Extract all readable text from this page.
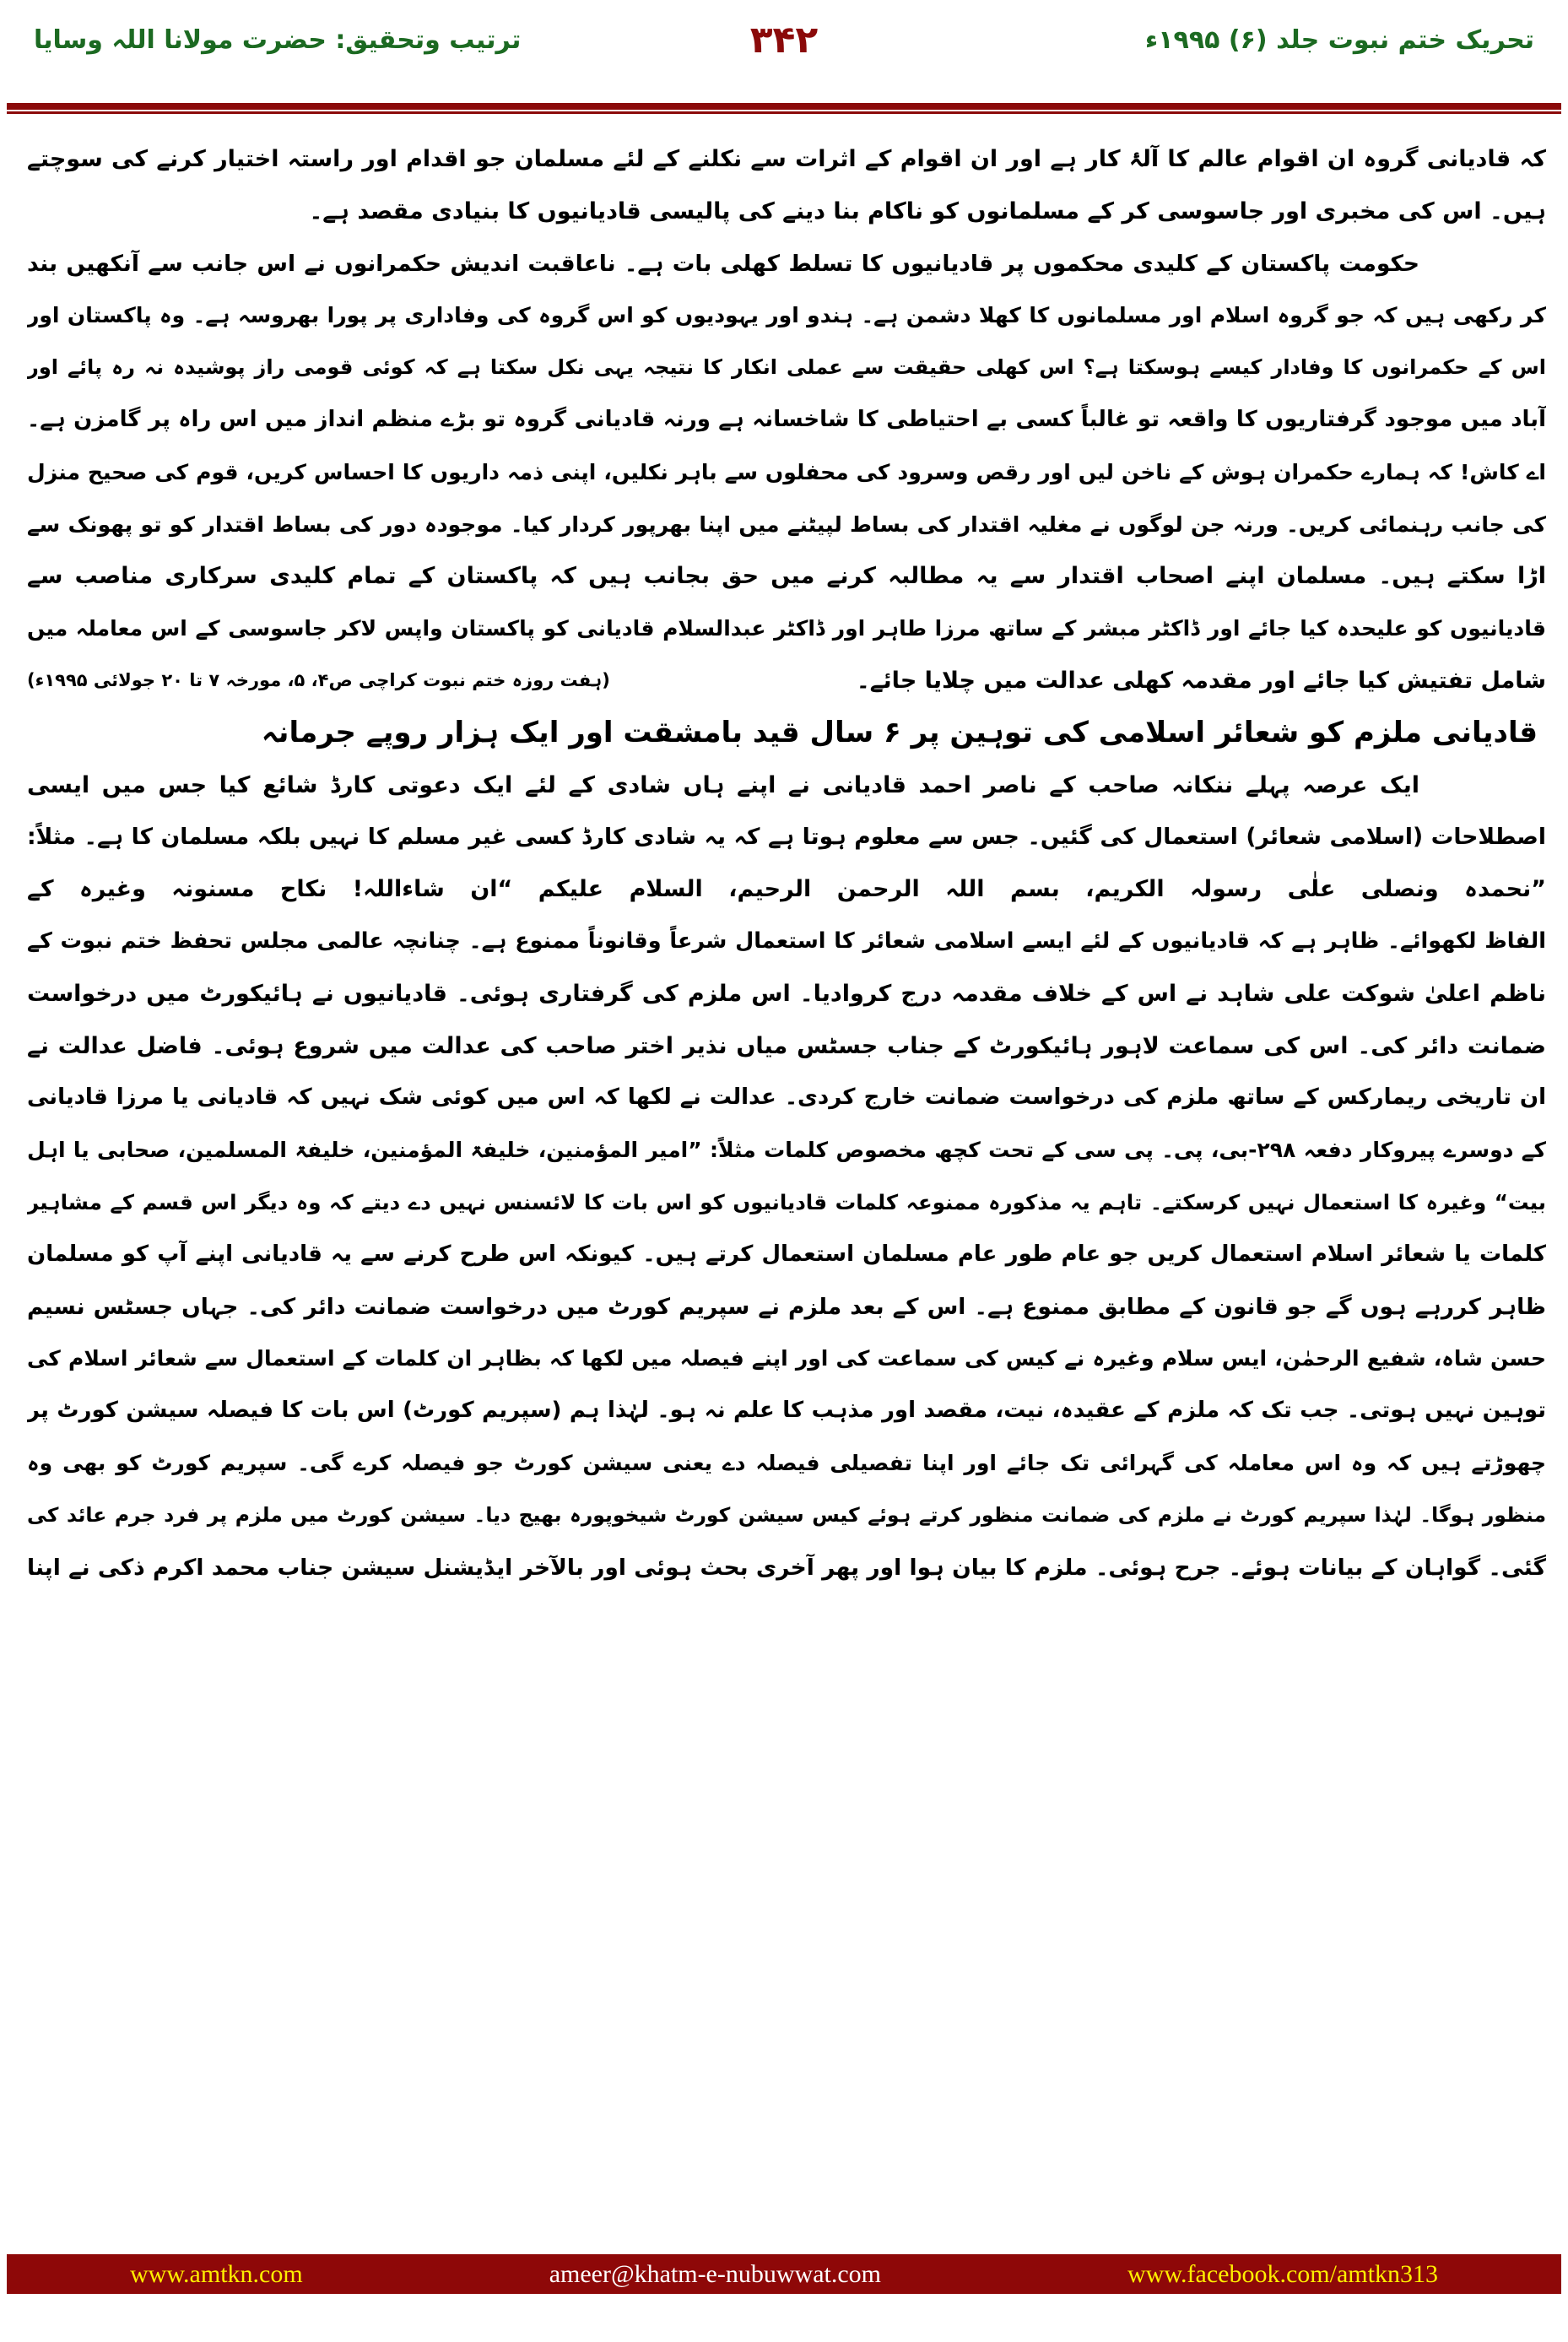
تحریک ختم نبوت جلد (۶) ۱۹۹۵ء
۳۴۲
ترتیب وتحقیق: حضرت مولانا اللہ وسایا
کہ قادیانی گروہ ان اقوام عالم کا آلۂ کار ہے اور ان اقوام کے اثرات سے نکلنے کے لئے مسلمان جو اقدام اور راستہ اختیار کرنے کی سوچتے
ہیں۔ اس کی مخبری اور جاسوسی کر کے مسلمانوں کو ناکام بنا دینے کی پالیسی قادیانیوں کا بنیادی مقصد ہے۔
حکومت پاکستان کے کلیدی محکموں پر قادیانیوں کا تسلط کھلی بات ہے۔ ناعاقبت اندیش حکمرانوں نے اس جانب سے آنکھیں بند
کر رکھی ہیں کہ جو گروہ اسلام اور مسلمانوں کا کھلا دشمن ہے۔ ہندو اور یہودیوں کو اس گروہ کی وفاداری پر پورا بھروسہ ہے۔ وہ پاکستان اور
اس کے حکمرانوں کا وفادار کیسے ہوسکتا ہے؟ اس کھلی حقیقت سے عملی انکار کا نتیجہ یہی نکل سکتا ہے کہ کوئی قومی راز پوشیدہ نہ رہ پائے اور
آباد میں موجود گرفتاریوں کا واقعہ تو غالباً کسی بے احتیاطی کا شاخسانہ ہے ورنہ قادیانی گروہ تو بڑے منظم انداز میں اس راہ پر گامزن ہے۔
اے کاش! کہ ہمارے حکمران ہوش کے ناخن لیں اور رقص وسرود کی محفلوں سے باہر نکلیں، اپنی ذمہ داریوں کا احساس کریں، قوم کی صحیح منزل
کی جانب رہنمائی کریں۔ ورنہ جن لوگوں نے مغلیہ اقتدار کی بساط لپیٹنے میں اپنا بھرپور کردار کیا۔ موجودہ دور کی بساط اقتدار کو تو پھونک سے
اڑا سکتے ہیں۔ مسلمان اپنے اصحاب اقتدار سے یہ مطالبہ کرنے میں حق بجانب ہیں کہ پاکستان کے تمام کلیدی سرکاری مناصب سے
قادیانیوں کو علیحدہ کیا جائے اور ڈاکٹر مبشر کے ساتھ مرزا طاہر اور ڈاکٹر عبدالسلام قادیانی کو پاکستان واپس لاکر جاسوسی کے اس معاملہ میں
شامل تفتیش کیا جائے اور مقدمہ کھلی عدالت میں چلایا جائے۔
(ہفت روزہ ختم نبوت کراچی ص۴، ۵، مورخہ ۷ تا ۲۰ جولائی ۱۹۹۵ء)
قادیانی ملزم کو شعائر اسلامی کی توہین پر ۶ سال قید بامشقت اور ایک ہزار روپے جرمانہ
ایک عرصہ پہلے ننکانہ صاحب کے ناصر احمد قادیانی نے اپنے ہاں شادی کے لئے ایک دعوتی کارڈ شائع کیا جس میں ایسی
اصطلاحات (اسلامی شعائر) استعمال کی گئیں۔ جس سے معلوم ہوتا ہے کہ یہ شادی کارڈ کسی غیر مسلم کا نہیں بلکہ مسلمان کا ہے۔ مثلاً:
”نحمدہ ونصلی علٰی رسولہ الکریم، بسم اللہ الرحمن الرحیم، السلام علیکم “ان شاءاللہ! نکاح مسنونہ وغیرہ کے
الفاظ لکھوائے۔ ظاہر ہے کہ قادیانیوں کے لئے ایسے اسلامی شعائر کا استعمال شرعاً وقانوناً ممنوع ہے۔ چنانچہ عالمی مجلس تحفظ ختم نبوت کے
ناظم اعلیٰ شوکت علی شاہد نے اس کے خلاف مقدمہ درج کروادیا۔ اس ملزم کی گرفتاری ہوئی۔ قادیانیوں نے ہائیکورٹ میں درخواست
ضمانت دائر کی۔ اس کی سماعت لاہور ہائیکورٹ کے جناب جسٹس میاں نذیر اختر صاحب کی عدالت میں شروع ہوئی۔ فاضل عدالت نے
ان تاریخی ریمارکس کے ساتھ ملزم کی درخواست ضمانت خارج کردی۔ عدالت نے لکھا کہ اس میں کوئی شک نہیں کہ قادیانی یا مرزا قادیانی
کے دوسرے پیروکار دفعہ ۲۹۸-بی، پی۔ پی سی کے تحت کچھ مخصوص کلمات مثلاً: ”امیر المؤمنین، خلیفۃ المؤمنین، خلیفۃ المسلمین، صحابی یا اہل
بیت“ وغیرہ کا استعمال نہیں کرسکتے۔ تاہم یہ مذکورہ ممنوعہ کلمات قادیانیوں کو اس بات کا لائسنس نہیں دے دیتے کہ وہ دیگر اس قسم کے مشاہیر
کلمات یا شعائر اسلام استعمال کریں جو عام طور عام مسلمان استعمال کرتے ہیں۔ کیونکہ اس طرح کرنے سے یہ قادیانی اپنے آپ کو مسلمان
ظاہر کررہے ہوں گے جو قانون کے مطابق ممنوع ہے۔ اس کے بعد ملزم نے سپریم کورٹ میں درخواست ضمانت دائر کی۔ جہاں جسٹس نسیم
حسن شاہ، شفیع الرحمٰن، ایس سلام وغیرہ نے کیس کی سماعت کی اور اپنے فیصلہ میں لکھا کہ بظاہر ان کلمات کے استعمال سے شعائر اسلام کی
توہین نہیں ہوتی۔ جب تک کہ ملزم کے عقیدہ، نیت، مقصد اور مذہب کا علم نہ ہو۔ لہٰذا ہم (سپریم کورٹ) اس بات کا فیصلہ سیشن کورٹ پر
چھوڑتے ہیں کہ وہ اس معاملہ کی گہرائی تک جائے اور اپنا تفصیلی فیصلہ دے یعنی سیشن کورٹ جو فیصلہ کرے گی۔ سپریم کورٹ کو بھی وہ
منظور ہوگا۔ لہٰذا سپریم کورٹ نے ملزم کی ضمانت منظور کرتے ہوئے کیس سیشن کورٹ شیخوپورہ بھیج دیا۔ سیشن کورٹ میں ملزم پر فرد جرم عائد کی
گئی۔ گواہان کے بیانات ہوئے۔ جرح ہوئی۔ ملزم کا بیان ہوا اور پھر آخری بحث ہوئی اور بالآخر ایڈیشنل سیشن جناب محمد اکرم ذکی نے اپنا
www.amtkn.com	ameer@khatm-e-nubuwwat.com	www.facebook.com/amtkn313
